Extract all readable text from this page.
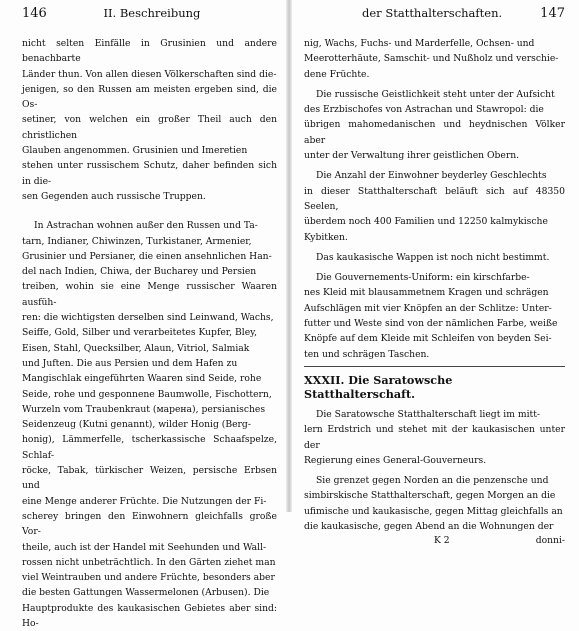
146	II. Beschreibung

nicht selten Einfälle in Grusinien und andere benachbarte

Länder thun. Von allen diesen Völkerschaften sind die-

jenigen, so den Russen am meisten ergeben sind, die Os-

setiner, von welchen ein großer Theil auch den christlichen

Glauben angenommen. Grusinien und Imeretien

stehen unter russischem Schutz, daher befinden sich in die-

sen Gegenden auch russische Truppen.

In Astrachan wohnen außer den Russen und Ta-

tarn, Indianer, Chiwinzen, Turkistaner, Armenier,

Grusinier und Persianer, die einen ansehnlichen Han-

del nach Indien, Chiwa, der Bucharey und Persien

treiben, wohin sie eine Menge russischer Waaren ausfüh-

ren: die wichtigsten derselben sind Leinwand, Wachs,

Seiffe, Gold, Silber und verarbeitetes Kupfer, Bley,

Eisen, Stahl, Quecksilber, Alaun, Vitriol, Salmiak

und Juften. Die aus Persien und dem Hafen zu

Mangischlak eingeführten Waaren sind Seide, rohe

Seide, rohe und gesponnene Baumwolle, Fischottern,

Wurzeln vom Traubenkraut (марена), persianisches

Seidenzeug (Kutni genannt), wilder Honig (Berg-

honig), Lämmerfelle, tscherkassische Schaafspelze, Schlaf-

röcke, Tabak, türkischer Weizen, persische Erbsen und

eine Menge anderer Früchte. Die Nutzungen der Fi-

scherey bringen den Einwohnern gleichfalls große Vor-

theile, auch ist der Handel mit Seehunden und Wall-

rossen nicht unbeträchtlich. In den Gärten ziehet man

viel Weintrauben und andere Früchte, besonders aber

die besten Gattungen Wassermelonen (Arbusen). Die

Hauptprodukte des kaukasischen Gebietes aber sind: Ho-

der Statthalterschaften.	147

nig, Wachs, Fuchs- und Marderfelle, Ochsen- und

Meerotterhäute, Samschit- und Nußholz und verschie-

dene Früchte.

Die russische Geistlichkeit steht unter der Aufsicht

des Erzbischofes von Astrachan und Stawropol: die

übrigen mahomedanischen und heydnischen Völker aber

unter der Verwaltung ihrer geistlichen Obern.

Die Anzahl der Einwohner beyderley Geschlechts

in dieser Statthalterschaft beläuft sich auf 48350 Seelen,

überdem noch 400 Familien und 12250 kalmykische

Kybitken.

Das kaukasische Wappen ist noch nicht bestimmt.

Die Gouvernements-Uniform: ein kirschfarbe-

nes Kleid mit blausammetnem Kragen und schrägen

Aufschlägen mit vier Knöpfen an der Schlitze: Unter-

futter und Weste sind von der nämlichen Farbe, weiße

Knöpfe auf dem Kleide mit Schleifen von beyden Sei-

ten und schrägen Taschen.

XXXII. Die Saratowsche Statthalterschaft.

Die Saratowsche Statthalterschaft liegt im mitt-

lern Erdstrich und stehet mit der kaukasischen unter der

Regierung eines General-Gouverneurs.

Sie grenzet gegen Norden an die penzensche und

simbirskische Statthalterschaft, gegen Morgen an die

ufimische und kaukasische, gegen Mittag gleichfalls an

die kaukasische, gegen Abend an die Wohnungen der

K 2	donni-
